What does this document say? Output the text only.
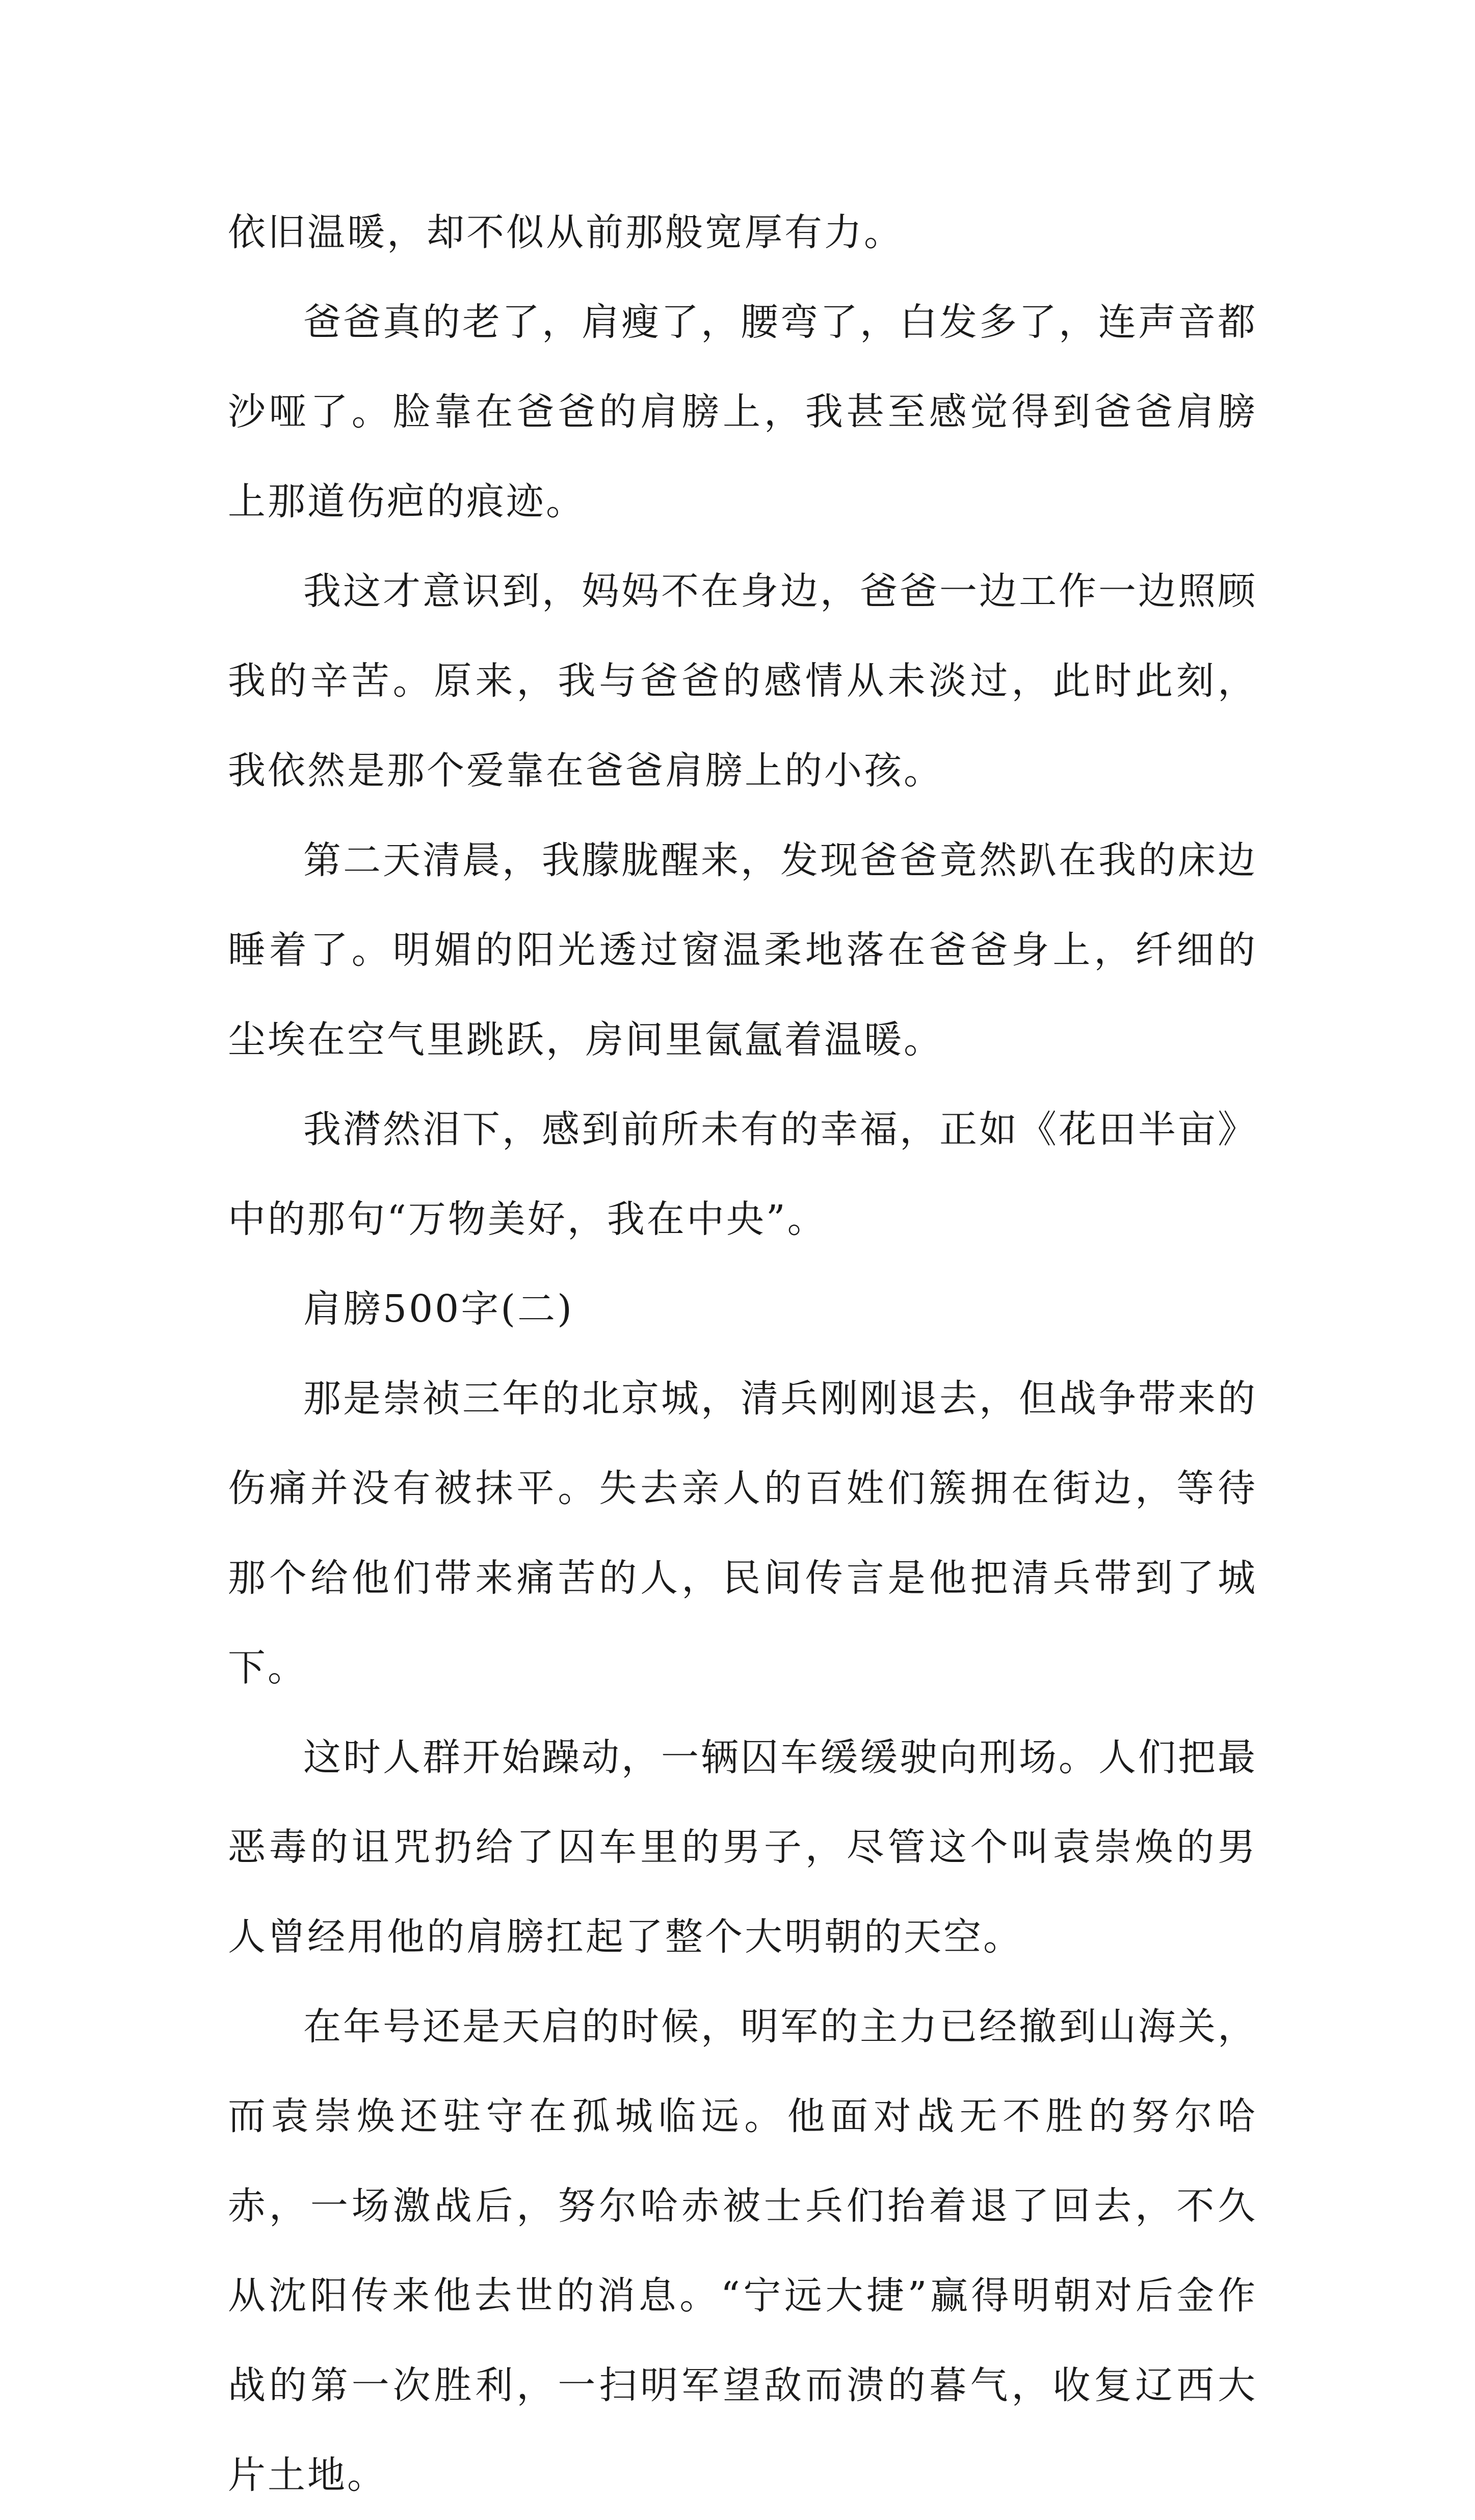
依旧温暖，却不似从前那般宽厚有力。

爸爸真的老了，肩瘦了，腰弯了，白发多了，连声音都沙哑了。脸靠在爸爸的肩膀上，我甚至感觉得到爸爸肩膀上那道伤疤的痕迹。

我这才意识到，妈妈不在身边，爸爸一边工作一边照顾我的辛苦。原来，我与爸爸的感情从未淡过，此时此刻，我依然是那个爱靠在爸爸肩膀上的小孩。

第二天清晨，我朦胧醒来，发现爸爸竟然趴在我的床边睡着了。明媚的阳光透过窗温柔地落在爸爸身上，纤细的尘埃在空气里跳跃，房间里氤氲着温暖。

我潸然泪下，感到前所未有的幸福，正如《花田半亩》中的那句“万物美好，我在中央”。

肩膀500字(二)

那是崇祯三年的北京城，清兵刚刚退去，但战争带来的伤痛并没有被抹平。失去亲人的百姓们簇拥在街边，等待那个给他们带来痛苦的人，民间传言是他把清兵带到了城下。

这时人群开始躁动，一辆囚车缓缓驶向刑场。人们把最恶毒的诅咒扔给了囚车里的男子，尽管这个叫袁崇焕的男人曾经用他的肩膀扛起了整个大明朝的天空。

在年号还是天启的时候，明军的主力已经撤到山海关，而袁崇焕还驻守在孤城临远。他面对战无不胜的努尔哈赤，一场激战后，努尔哈赤被士兵们抬着退了回去，不久从沈阳传来他去世的消息。“宁远大捷”赢得明朝对后金作战的第一次胜利，一扫明军望敌而溃的暮气，收复辽西大片土地。
